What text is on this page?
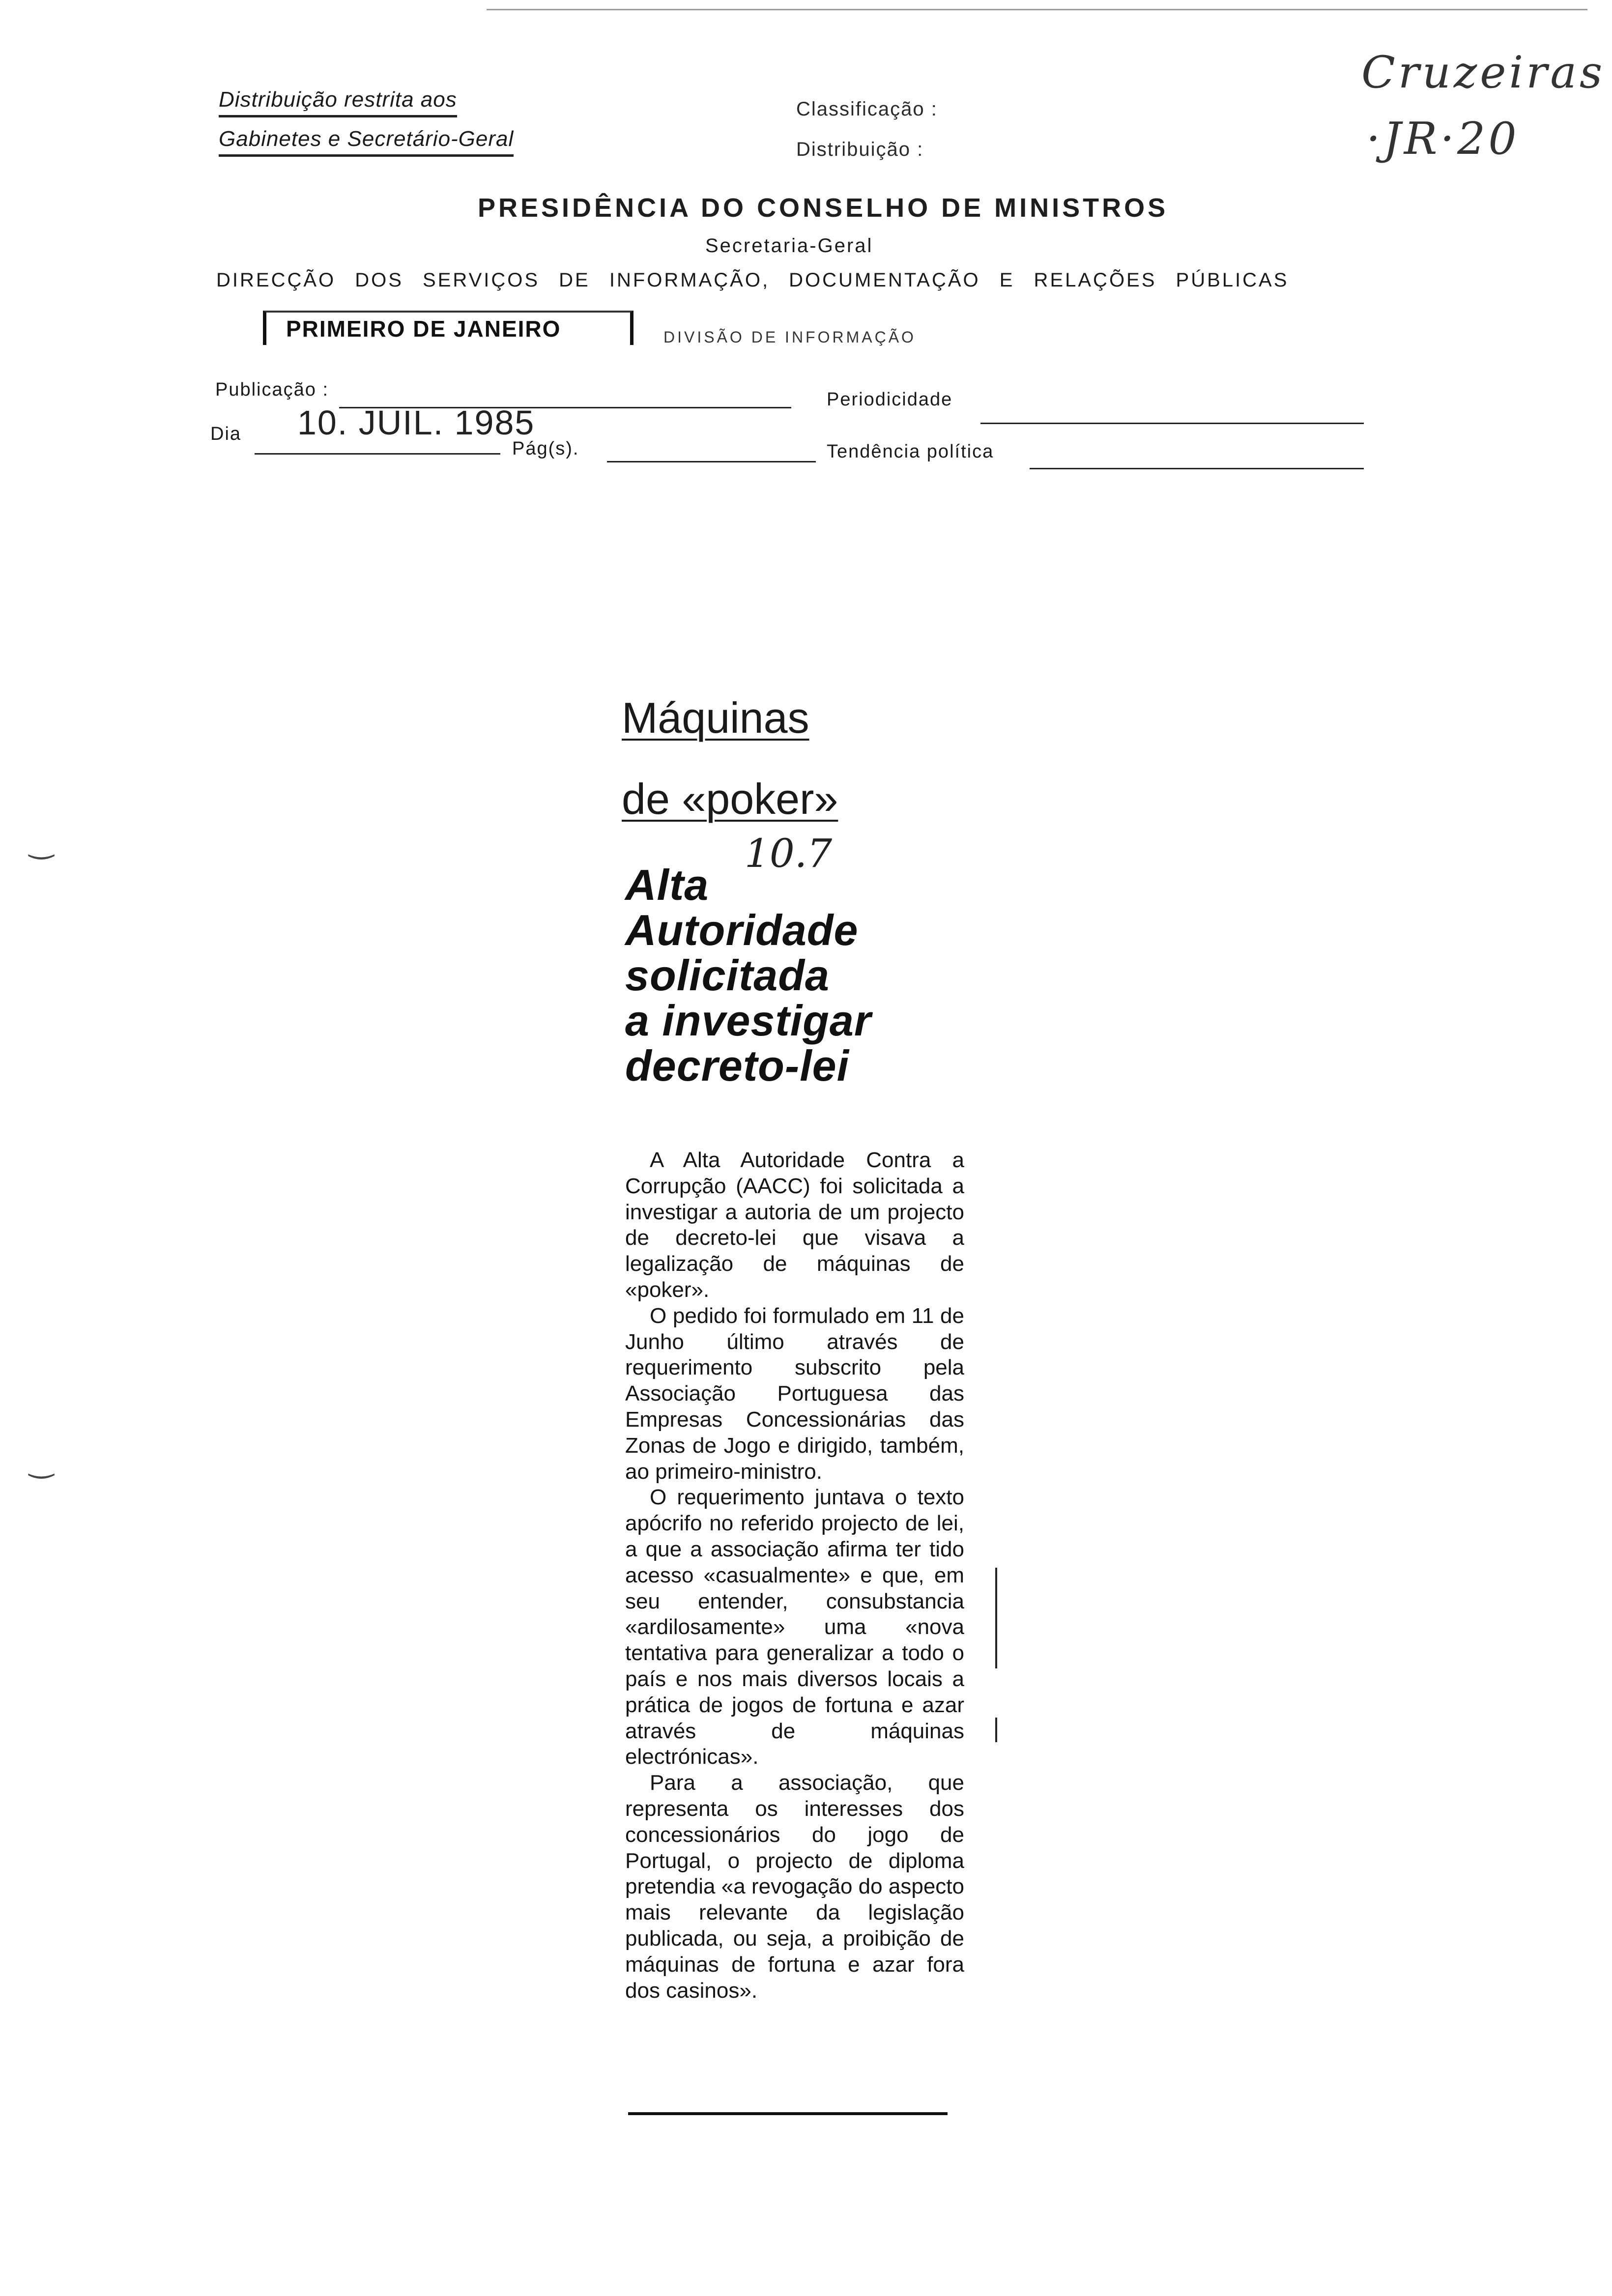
Distribuição restrita aos
Gabinetes e Secretário-Geral
Classificação :
Distribuição :
Cruzeiras
·JR·20
PRESIDÊNCIA DO CONSELHO DE MINISTROS
Secretaria-Geral
DIRECÇÃO DOS SERVIÇOS DE INFORMAÇÃO, DOCUMENTAÇÃO E RELAÇÕES PÚBLICAS
PRIMEIRO DE JANEIRO	DIVISÃO DE INFORMAÇÃO
Publicação :	Periodicidade
Dia 10. JUIL. 1985
Pág(s).	Tendência política
‿
‿
Máquinas
de «poker»
10.7
Alta
Autoridade
solicitada
a investigar
decreto-lei

A Alta Autoridade Contra a Corrupção (AACC) foi solicitada a investigar a autoria de um projecto de decreto-lei que visava a legalização de máquinas de «poker».

O pedido foi formulado em 11 de Junho último através de requerimento subscrito pela Associação Portuguesa das Empresas Concessionárias das Zonas de Jogo e dirigido, também, ao primeiro-ministro.

O requerimento juntava o texto apócrifo no referido projecto de lei, a que a associação afirma ter tido acesso «casualmente» e que, em seu entender, consubstancia «ardilosamente» uma «nova tentativa para generalizar a todo o país e nos mais diversos locais a prática de jogos de fortuna e azar através de máquinas electrónicas».

Para a associação, que representa os interesses dos concessionários do jogo de Portugal, o projecto de diploma pretendia «a revogação do aspecto mais relevante da legislação publicada, ou seja, a proibição de máquinas de fortuna e azar fora dos casinos».
